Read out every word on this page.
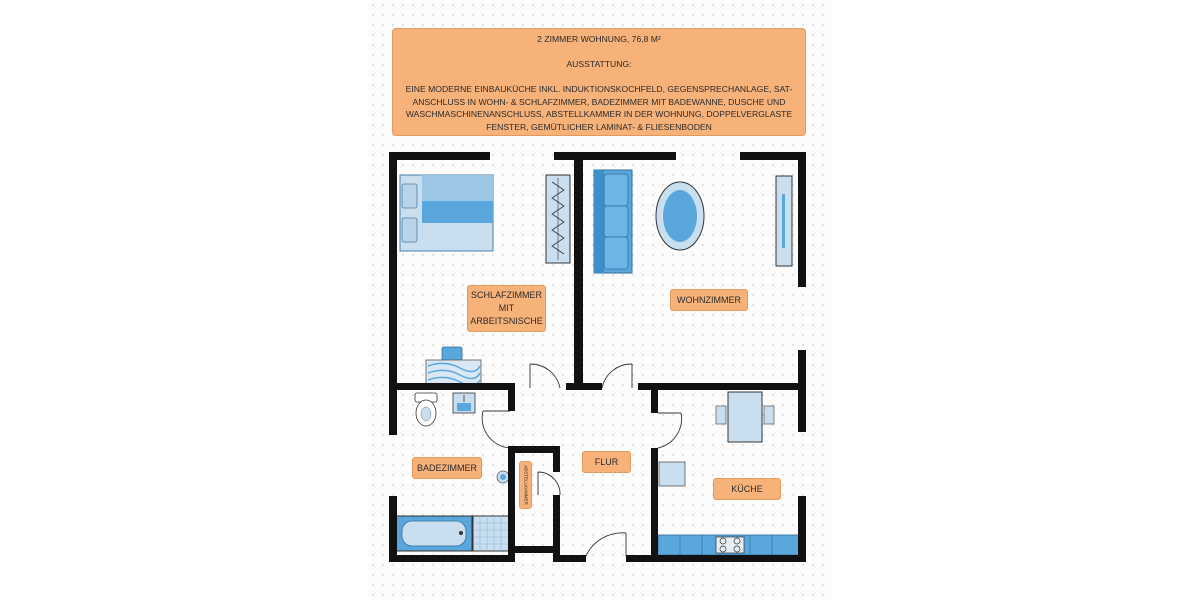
2 ZIMMER WOHNUNG, 76,8 M²
AUSSTATTUNG:
EINE MODERNE EINBAUKÜCHE INKL. INDUKTIONSKOCHFELD, GEGENSPRECHANLAGE, SAT-
ANSCHLUSS IN WOHN- & SCHLAFZIMMER, BADEZIMMER MIT BADEWANNE, DUSCHE UND
WASCHMASCHINENANSCHLUSS, ABSTELLKAMMER IN DER WOHNUNG, DOPPELVERGLASTE
FENSTER, GEMÜTLICHER LAMINAT- & FLIESENBODEN
SCHLAFZIMMER
MIT
ARBEITSNISCHE
WOHNZIMMER
BADEZIMMER
FLUR
KÜCHE
ABSTELLKAMMER
